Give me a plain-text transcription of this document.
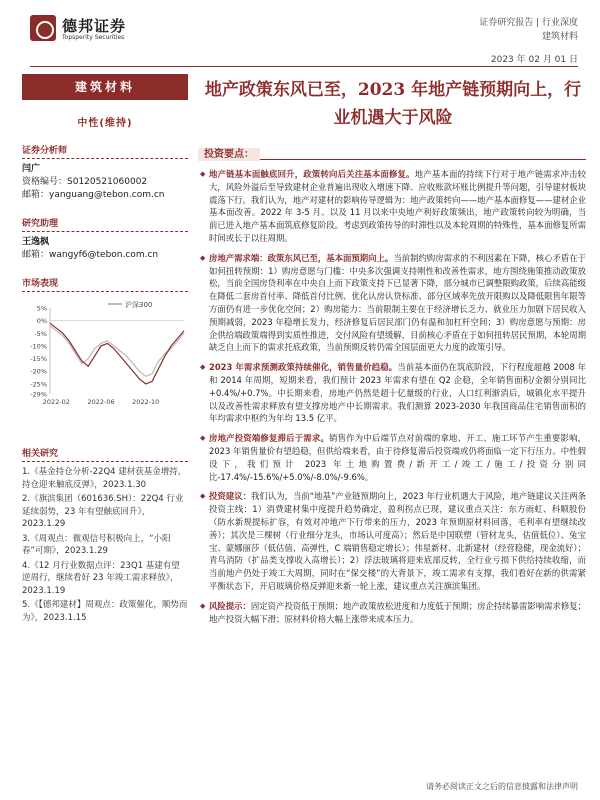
德邦证券
Topsperity Securities
证券研究报告 | 行业深度
建筑材料
2023 年 02 月 01 日
建筑材料
中性(维持)
证券分析师
闫广
资格编号：S0120521060002
邮箱：yanguang@tebon.com.cn
研究助理
王逸枫
邮箱：wangyf6@tebon.com.cn
市场表现
5%
0%
-5%
-10%
-15%
-20%
-25%
-29%
2022-02	2022-06	2022-10
沪深300
相关研究
1.《基金持仓分析-22Q4 建材获基金增持，持仓迎来触底反弹》，2023.1.30
2.《旗滨集团（601636.SH）：22Q4 行业延续弱势，23 年有望触底回升》，2023.1.29
3.《周观点：微观信号积极向上，“小阳春”可期》，2023.1.29
4.《12 月行业数据点评：23Q1 基建有望逆周行，继续看好 23 年竣工需求释放》，2023.1.19
5.《【德邦建材】周观点：政策催化，顺势而为》，2023.1.15
地产政策东风已至，2023 年地产链预期向上，行业机遇大于风险
投资要点：
◆ 地产链基本面触底回升，政策转向后关注基本面修复。地产基本面的持续下行对于地产链需求冲击较大，风险外溢后至导致建材企业普遍出现收入增速下降、应收账款坏账比例提升等问题，引导建材板块震荡下行。我们认为，地产对建材的影响传导逻辑为：地产政策转向——地产基本面修复——建材企业基本面改善。2022 年 3-5 月、以及 11 月以来中央地产利好政策频出，地产政策转向较为明确，当前已进入地产基本面筑底修复阶段。考虑到政策传导的时滞性以及本轮周期的特殊性，基本面修复所需时间或长于以往周期。
◆ 房地产需求端：政策东风已至，基本面预期向上。当前制约购房需求的不利因素在下降，核心矛盾在于如何扭转预期：1）购房意愿与门槛：中央多次强调支持刚性和改善性需求，地方围绕施策推动政策放松，当前全国房贷利率在中央自上而下政策支持下已显著下降，部分城市已调整限购政策，后续高能级在降低二套房首付率、降低首付比例、优化认房认贷标准、部分区域率先放开限购以及降低限售年限等方面仍有进一步优化空间；2）购房能力：当前限制主要在于经济增长乏力、就业压力加剧下居民收入预期减弱，2023 年稳增长发力，经济修复后居民部门仍有温和加杠杆空间；3）购房意愿与预期：房企供给端政策端得到实质性推进，交付风险有望缓解，目前核心矛盾在于如何扭转居民预期，本轮周期缺乏自上而下的需求托底政策，当前预期反转仍需全国层面更大力度的政策引导。
◆ 2023 年需求预测政策持续催化，销售量价趋稳。当前基本面仍在筑底阶段，下行程度超越 2008 年和 2014 年周期，短期来看，我们预计 2023 年需求有望在 Q2 企稳，全年销售面积/金额分别同比+0.4%/+0.7%。中长期来看，房地产仍然是超十亿量级的行业，人口红利渐消后，城镇化水平提升以及改善性需求释放有望支撑房地产中长期需求。我们测算 2023-2030 年我国商品住宅销售面积的年均需求中枢约为年均 13.5 亿平。
◆ 房地产投资端修复滞后于需求。销售作为中后端节点对前端的拿地、开工、施工环节产生重要影响，2023 年销售量价有望趋稳，但供给端来看，由于待修复滞后投资端或仍将面临一定下行压力。中性假设下，我们预计 2023 年土地购置费/新开工/竣工/施工/投资分别同比-17.4%/-15.6%/+5.0%/-8.0%/-9.6%。
◆ 投资建议：我们认为，当前“地基”产业链预期向上，2023 年行业机遇大于风险，地产链建议关注两条投资主线：1）消费建材集中度提升趋势确定，盈利拐点已现，建议重点关注：东方雨虹、科顺股份（防水新规提标扩容，有效对冲地产下行带来的压力，2023 年预期原材料回落，毛利率有望继续改善）；其次是三棵树（行业细分龙头，市场认可度高）；然后是中国联塑（管材龙头，估值低位）、兔宝宝、蒙娜丽莎（低估值、高弹性，C 端销售稳定增长）；伟星新材、北新建材（经营稳健，现金流好）；青鸟消防（扩品类支撑收入高增长）；2）浮法玻璃将迎来底部反转，全行业亏损下供给持续收缩，而当前地产仍处于竣工大周期，同时在“保交楼”的大背景下，竣工需求有支撑，我们看好在新的供需紧平衡状态下，开启玻璃价格反弹迎来新一轮上涨，建议重点关注旗滨集团。
◆ 风险提示：固定资产投资低于预期；地产政策放松进度和力度低于预期；房企持续暴雷影响需求修复；地产投资大幅下滑；原材料价格大幅上涨带来成本压力。
请务必阅读正文之后的信息披露和法律声明
